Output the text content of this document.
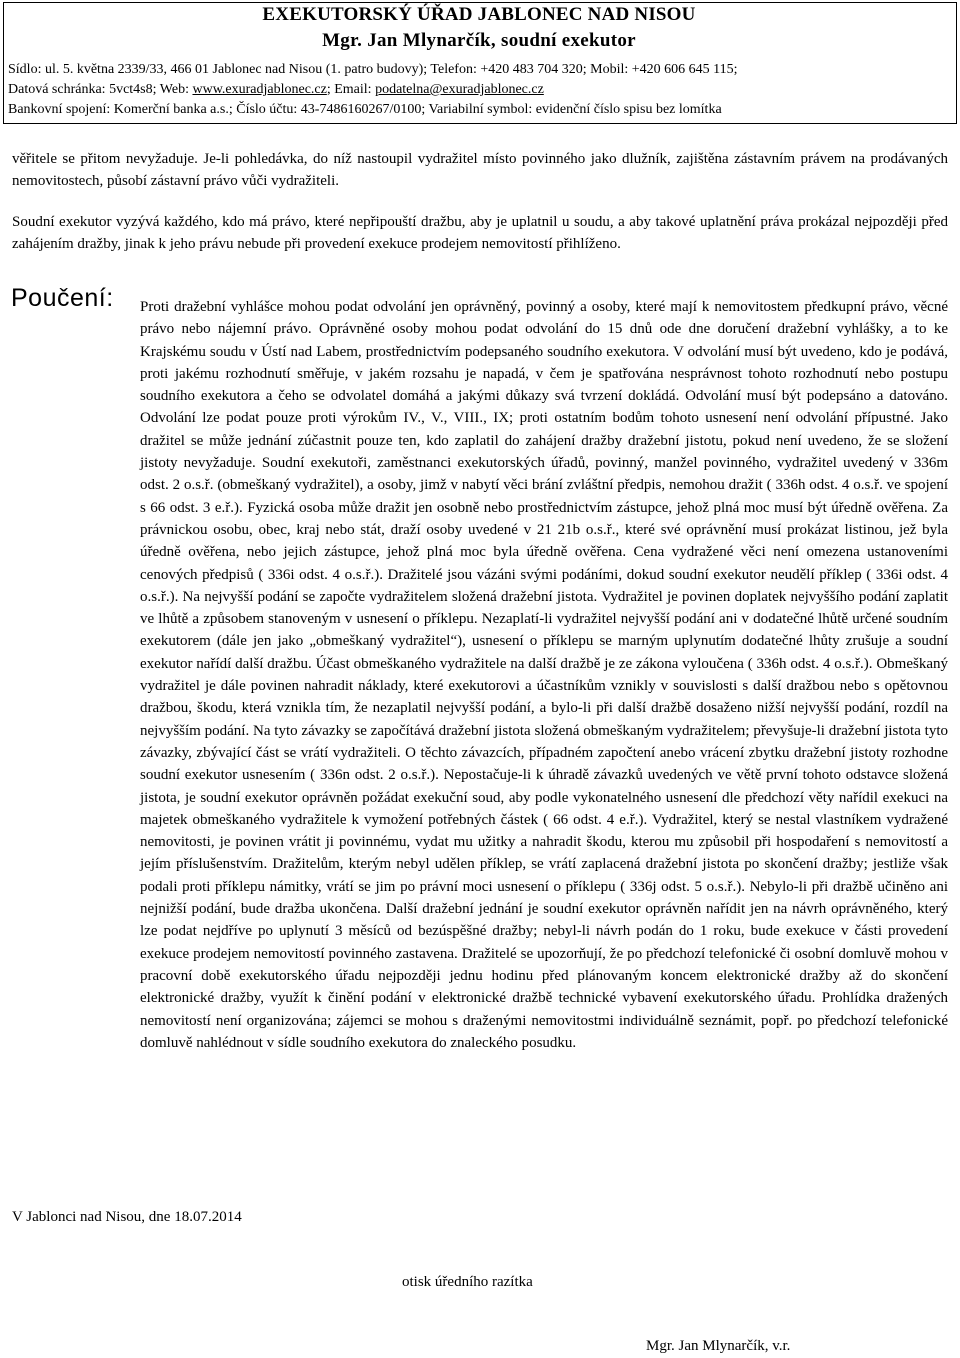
EXEKUTORSKÝ ÚŘAD JABLONEC NAD NISOU
Mgr. Jan Mlynarčík, soudní exekutor
Sídlo: ul. 5. května 2339/33, 466 01 Jablonec nad Nisou (1. patro budovy); Telefon: +420 483 704 320; Mobil: +420 606 645 115;
Datová schránka: 5vct4s8; Web: www.exuradjablonec.cz; Email: podatelna@exuradjablonec.cz
Bankovní spojení: Komerční banka a.s.; Číslo účtu: 43-7486160267/0100; Variabilní symbol: evidenční číslo spisu bez lomítka

věřitele se přitom nevyžaduje. Je-li pohledávka, do níž nastoupil vydražitel místo povinného jako dlužník, zajištěna zástavním právem na prodávaných nemovitostech, působí zástavní právo vůči vydražiteli.

Soudní exekutor vyzývá každého, kdo má právo, které nepřipouští dražbu, aby je uplatnil u soudu, a aby takové uplatnění práva prokázal nejpozději před zahájením dražby, jinak k jeho právu nebude při provedení exekuce prodejem nemovitostí přihlíženo.

Poučení: Proti dražební vyhlášce mohou podat odvolání jen oprávněný, povinný a osoby, které mají k nemovitostem předkupní právo, věcné právo nebo nájemní právo. Oprávněné osoby mohou podat odvolání do 15 dnů ode dne doručení dražební vyhlášky, a to ke Krajskému soudu v Ústí nad Labem, prostřednictvím podepsaného soudního exekutora. V odvolání musí být uvedeno, kdo je podává, proti jakému rozhodnutí směřuje, v jakém rozsahu je napadá, v čem je spatřována nesprávnost tohoto rozhodnutí nebo postupu soudního exekutora a čeho se odvolatel domáhá a jakými důkazy svá tvrzení dokládá. Odvolání musí být podepsáno a datováno. Odvolání lze podat pouze proti výrokům IV., V., VIII., IX; proti ostatním bodům tohoto usnesení není odvolání přípustné. Jako dražitel se může jednání zúčastnit pouze ten, kdo zaplatil do zahájení dražby dražební jistotu, pokud není uvedeno, že se složení jistoty nevyžaduje. Soudní exekutoři, zaměstnanci exekutorských úřadů, povinný, manžel povinného, vydražitel uvedený v 336m odst. 2 o.s.ř. (obmeškaný vydražitel), a osoby, jimž v nabytí věci brání zvláštní předpis, nemohou dražit ( 336h odst. 4 o.s.ř. ve spojení s 66 odst. 3 e.ř.). Fyzická osoba může dražit jen osobně nebo prostřednictvím zástupce, jehož plná moc musí být úředně ověřena. Za právnickou osobu, obec, kraj nebo stát, draží osoby uvedené v 21 21b o.s.ř., které své oprávnění musí prokázat listinou, jež byla úředně ověřena, nebo jejich zástupce, jehož plná moc byla úředně ověřena. Cena vydražené věci není omezena ustanoveními cenových předpisů ( 336i odst. 4 o.s.ř.). Dražitelé jsou vázáni svými podáními, dokud soudní exekutor neudělí příklep ( 336i odst. 4 o.s.ř.). Na nejvyšší podání se započte vydražitelem složená dražební jistota. Vydražitel je povinen doplatek nejvyššího podání zaplatit ve lhůtě a způsobem stanoveným v usnesení o příklepu. Nezaplatí-li vydražitel nejvyšší podání ani v dodatečné lhůtě určené soudním exekutorem (dále jen jako „obmeškaný vydražitel“), usnesení o příklepu se marným uplynutím dodatečné lhůty zrušuje a soudní exekutor nařídí další dražbu. Účast obmeškaného vydražitele na další dražbě je ze zákona vyloučena ( 336h odst. 4 o.s.ř.). Obmeškaný vydražitel je dále povinen nahradit náklady, které exekutorovi a účastníkům vznikly v souvislosti s další dražbou nebo s opětovnou dražbou, škodu, která vznikla tím, že nezaplatil nejvyšší podání, a bylo-li při další dražbě dosaženo nižší nejvyšší podání, rozdíl na nejvyšším podání. Na tyto závazky se započítává dražební jistota složená obmeškaným vydražitelem; převyšuje-li dražební jistota tyto závazky, zbývající část se vrátí vydražiteli. O těchto závazcích, případném započtení anebo vrácení zbytku dražební jistoty rozhodne soudní exekutor usnesením ( 336n odst. 2 o.s.ř.). Nepostačuje-li k úhradě závazků uvedených ve větě první tohoto odstavce složená jistota, je soudní exekutor oprávněn požádat exekuční soud, aby podle vykonatelného usnesení dle předchozí věty nařídil exekuci na majetek obmeškaného vydražitele k vymožení potřebných částek ( 66 odst. 4 e.ř.). Vydražitel, který se nestal vlastníkem vydražené nemovitosti, je povinen vrátit ji povinnému, vydat mu užitky a nahradit škodu, kterou mu způsobil při hospodaření s nemovitostí a jejím příslušenstvím. Dražitelům, kterým nebyl udělen příklep, se vrátí zaplacená dražební jistota po skončení dražby; jestliže však podali proti příklepu námitky, vrátí se jim po právní moci usnesení o příklepu ( 336j odst. 5 o.s.ř.). Nebylo-li při dražbě učiněno ani nejnižší podání, bude dražba ukončena. Další dražební jednání je soudní exekutor oprávněn nařídit jen na návrh oprávněného, který lze podat nejdříve po uplynutí 3 měsíců od bezúspěšné dražby; nebyl-li návrh podán do 1 roku, bude exekuce v části provedení exekuce prodejem nemovitostí povinného zastavena. Dražitelé se upozorňují, že po předchozí telefonické či osobní domluvě mohou v pracovní době exekutorského úřadu nejpozději jednu hodinu před plánovaným koncem elektronické dražby až do skončení elektronické dražby, využít k činění podání v elektronické dražbě technické vybavení exekutorského úřadu. Prohlídka dražených nemovitostí není organizována; zájemci se mohou s draženými nemovitostmi individuálně seznámit, popř. po předchozí telefonické domluvě nahlédnout v sídle soudního exekutora do znaleckého posudku.
V Jablonci nad Nisou, dne 18.07.2014
otisk úředního razítka
Mgr. Jan Mlynarčík, v.r.
